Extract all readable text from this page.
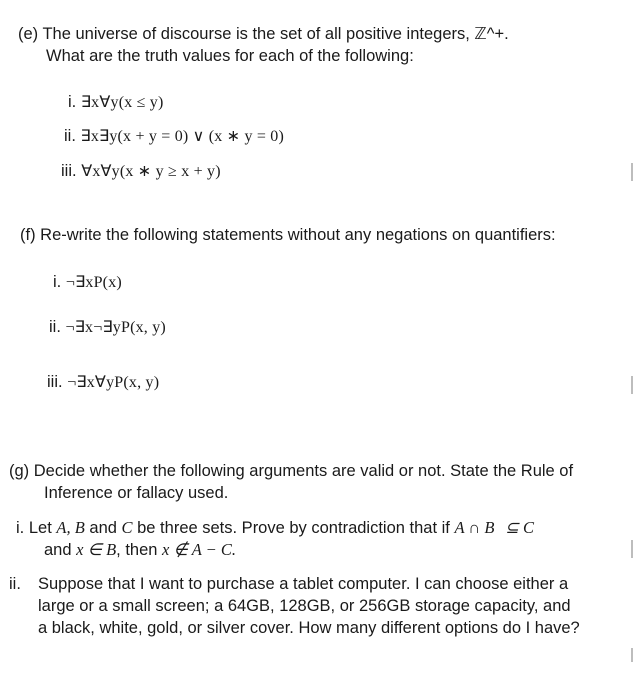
(e) The universe of discourse is the set of all positive integers, ℤ^+.
What are the truth values for each of the following:
i. ∃x∀y(x ≤ y)
ii. ∃x∃y(x + y = 0) ∨ (x ∗ y = 0)
iii. ∀x∀y(x ∗ y ≥ x + y)
(f) Re-write the following statements without any negations on quantifiers:
i. ¬∃xP(x)
ii. ¬∃x¬∃yP(x, y)
iii. ¬∃x∀yP(x, y)
(g) Decide whether the following arguments are valid or not. State the Rule of
Inference or fallacy used.
i. Let A, B and C be three sets. Prove by contradiction that if A ∩ B ⊆ C
and x ∈ B, then x ∉ A − C.
ii. Suppose that I want to purchase a tablet computer. I can choose either a
large or a small screen; a 64GB, 128GB, or 256GB storage capacity, and
a black, white, gold, or silver cover. How many different options do I have?
